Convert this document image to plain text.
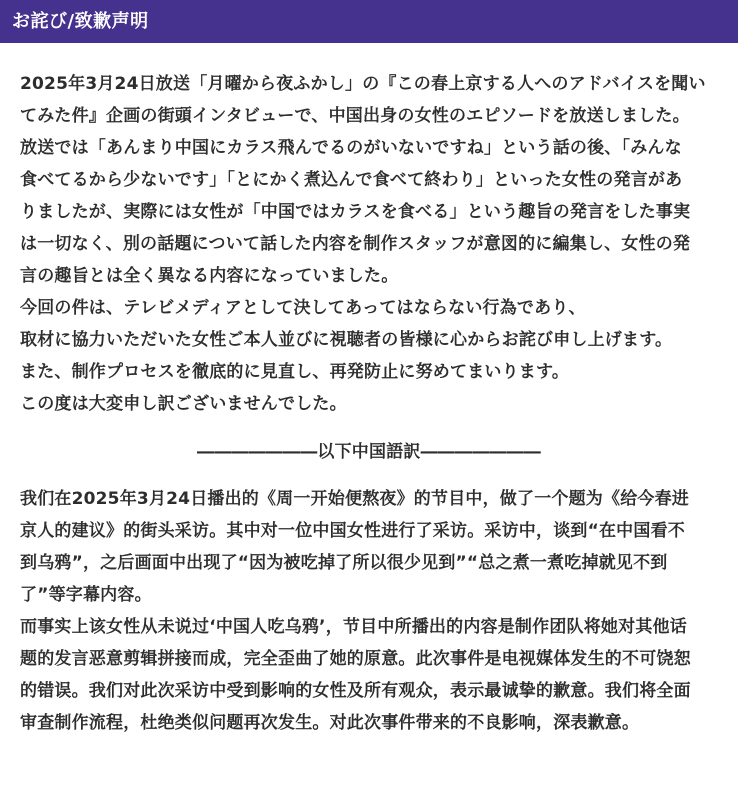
お詫び/致歉声明
2025年3月24日放送「月曜から夜ふかし」の『この春上京する人へのアドバイスを聞い
てみた件』企画の街頭インタビューで、中国出身の女性のエピソードを放送しました。
放送では「あんまり中国にカラス飛んでるのがいないですね」という話の後、「みんな
食べてるから少ないです」「とにかく煮込んで食べて終わり」といった女性の発言があ
りましたが、実際には女性が「中国ではカラスを食べる」という趣旨の発言をした事実
は一切なく、別の話題について話した内容を制作スタッフが意図的に編集し、女性の発
言の趣旨とは全く異なる内容になっていました。
今回の件は、テレビメディアとして決してあってはならない行為であり、
取材に協力いただいた女性ご本人並びに視聴者の皆様に心からお詫び申し上げます。
また、制作プロセスを徹底的に見直し、再発防止に努めてまいります。
この度は大変申し訳ございませんでした。
―――――――以下中国語訳―――――――
我们在2025年3月24日播出的《周一开始便熬夜》的节目中，做了一个题为《给今春进
京人的建议》的街头采访。其中对一位中国女性进行了采访。采访中，谈到“在中国看不
到乌鸦”，之后画面中出现了“因为被吃掉了所以很少见到”“总之煮一煮吃掉就见不到
了”等字幕内容。
而事实上该女性从未说过‘中国人吃乌鸦’，节目中所播出的内容是制作团队将她对其他话
题的发言恶意剪辑拼接而成，完全歪曲了她的原意。此次事件是电视媒体发生的不可饶恕
的错误。我们对此次采访中受到影响的女性及所有观众，表示最诚挚的歉意。我们将全面
审查制作流程，杜绝类似问题再次发生。对此次事件带来的不良影响，深表歉意。
